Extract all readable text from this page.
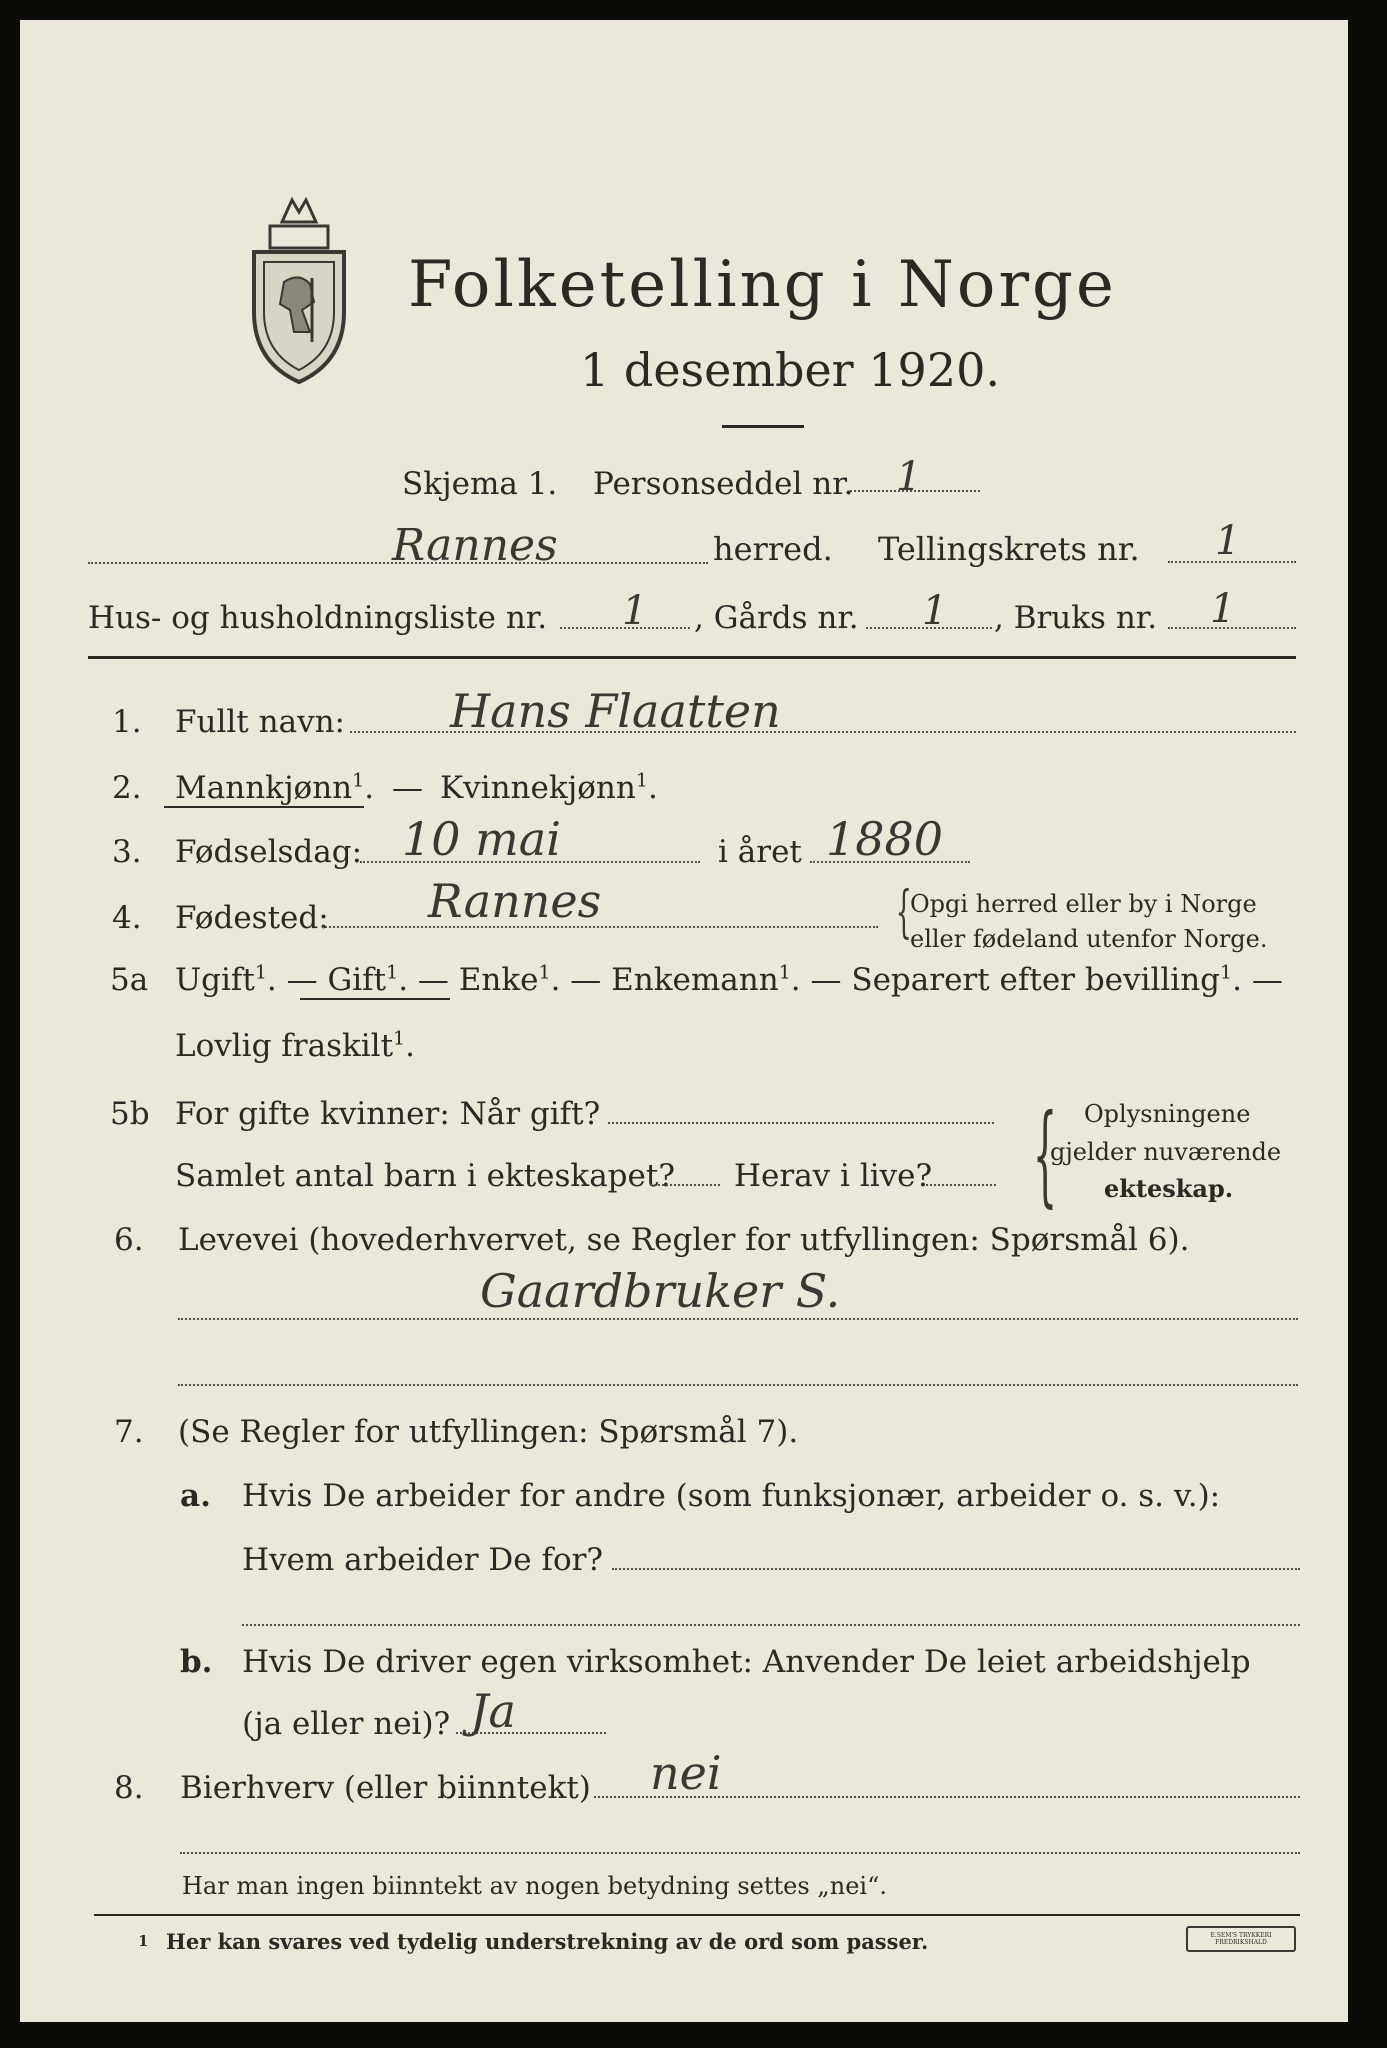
Folketelling i Norge
1 desember 1920.
Skjema 1. Personseddel nr. 1
Rannes	herred. Tellingskrets nr. 1
Hus- og husholdningsliste nr. 1 , Gårds nr. 1 , Bruks nr. 1
1. Fullt navn: Hans Flaatten
2. Mannkjønn$^1$. — Kvinnekjønn$^1$.
3. Fødselsdag: 10 mai	i året 1880
4. Fødested: Rannes	{
Opgi herred eller by i Norge
eller fødeland utenfor Norge.
5a Ugift$^1$. — Gift$^1$. — Enke$^1$. — Enkemann$^1$. — Separert efter bevilling$^1$. —
Lovlig fraskilt$^1$.
5b For gifte kvinner: Når gift?
Samlet antal barn i ekteskapet? Herav i live? { Oplysningene
gjelder nuværende
ekteskap.
6. Levevei (hovederhvervet, se Regler for utfyllingen: Spørsmål 6).
Gaardbruker S.
7. (Se Regler for utfyllingen: Spørsmål 7).
a. Hvis De arbeider for andre (som funksjonær, arbeider o. s. v.):
Hvem arbeider De for?
b. Hvis De driver egen virksomhet: Anvender De leiet arbeidshjelp
(ja eller nei)? Ja
8. Bierhverv (eller biinntekt) nei
Har man ingen biinntekt av nogen betydning settes „nei“.
1 Her kan svares ved tydelig understrekning av de ord som passer.	E.SEM'S TRYKKERI FREDRIKSHALD
